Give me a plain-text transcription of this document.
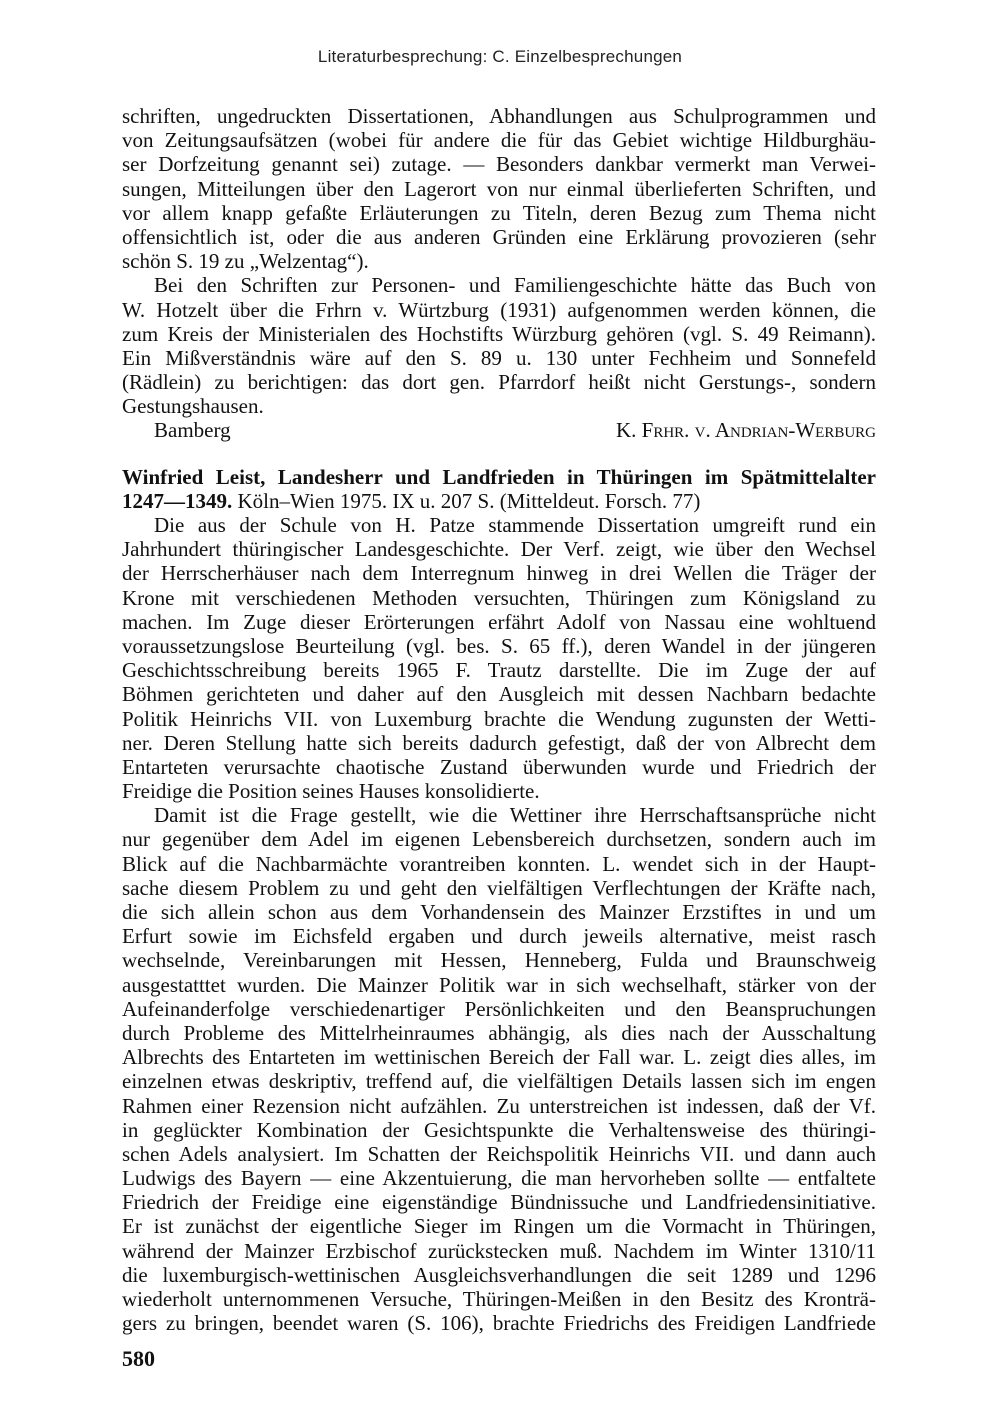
Literaturbesprechung: C. Einzelbesprechungen
schriften, ungedruckten Dissertationen, Abhandlungen aus Schulprogrammen und
von Zeitungsaufsätzen (wobei für andere die für das Gebiet wichtige Hildburghäu-
ser Dorfzeitung genannt sei) zutage. — Besonders dankbar vermerkt man Verwei-
sungen, Mitteilungen über den Lagerort von nur einmal überlieferten Schriften, und
vor allem knapp gefaßte Erläuterungen zu Titeln, deren Bezug zum Thema nicht
offensichtlich ist, oder die aus anderen Gründen eine Erklärung provozieren (sehr
schön S. 19 zu „Welzentag“).
Bei den Schriften zur Personen- und Familiengeschichte hätte das Buch von
W. Hotzelt über die Frhrn v. Würtzburg (1931) aufgenommen werden können, die
zum Kreis der Ministerialen des Hochstifts Würzburg gehören (vgl. S. 49 Reimann).
Ein Mißverständnis wäre auf den S. 89 u. 130 unter Fechheim und Sonnefeld
(Rädlein) zu berichtigen: das dort gen. Pfarrdorf heißt nicht Gerstungs-, sondern
Gestungshausen.
Bamberg	K. Frhr. v. Andrian-Werburg
Winfried Leist, Landesherr und Landfrieden in Thüringen im Spätmittelalter
1247—1349. Köln–Wien 1975. IX u. 207 S. (Mitteldeut. Forsch. 77)
Die aus der Schule von H. Patze stammende Dissertation umgreift rund ein
Jahrhundert thüringischer Landesgeschichte. Der Verf. zeigt, wie über den Wechsel
der Herrscherhäuser nach dem Interregnum hinweg in drei Wellen die Träger der
Krone mit verschiedenen Methoden versuchten, Thüringen zum Königsland zu
machen. Im Zuge dieser Erörterungen erfährt Adolf von Nassau eine wohltuend
voraussetzungslose Beurteilung (vgl. bes. S. 65 ff.), deren Wandel in der jüngeren
Geschichtsschreibung bereits 1965 F. Trautz darstellte. Die im Zuge der auf
Böhmen gerichteten und daher auf den Ausgleich mit dessen Nachbarn bedachte
Politik Heinrichs VII. von Luxemburg brachte die Wendung zugunsten der Wetti-
ner. Deren Stellung hatte sich bereits dadurch gefestigt, daß der von Albrecht dem
Entarteten verursachte chaotische Zustand überwunden wurde und Friedrich der
Freidige die Position seines Hauses konsolidierte.
Damit ist die Frage gestellt, wie die Wettiner ihre Herrschaftsansprüche nicht
nur gegenüber dem Adel im eigenen Lebensbereich durchsetzen, sondern auch im
Blick auf die Nachbarmächte vorantreiben konnten. L. wendet sich in der Haupt-
sache diesem Problem zu und geht den vielfältigen Verflechtungen der Kräfte nach,
die sich allein schon aus dem Vorhandensein des Mainzer Erzstiftes in und um
Erfurt sowie im Eichsfeld ergaben und durch jeweils alternative, meist rasch
wechselnde, Vereinbarungen mit Hessen, Henneberg, Fulda und Braunschweig
ausgestatttet wurden. Die Mainzer Politik war in sich wechselhaft, stärker von der
Aufeinanderfolge verschiedenartiger Persönlichkeiten und den Beanspruchungen
durch Probleme des Mittelrheinraumes abhängig, als dies nach der Ausschaltung
Albrechts des Entarteten im wettinischen Bereich der Fall war. L. zeigt dies alles, im
einzelnen etwas deskriptiv, treffend auf, die vielfältigen Details lassen sich im engen
Rahmen einer Rezension nicht aufzählen. Zu unterstreichen ist indessen, daß der Vf.
in geglückter Kombination der Gesichtspunkte die Verhaltensweise des thüringi-
schen Adels analysiert. Im Schatten der Reichspolitik Heinrichs VII. und dann auch
Ludwigs des Bayern — eine Akzentuierung, die man hervorheben sollte — entfaltete
Friedrich der Freidige eine eigenständige Bündnissuche und Landfriedensinitiative.
Er ist zunächst der eigentliche Sieger im Ringen um die Vormacht in Thüringen,
während der Mainzer Erzbischof zurückstecken muß. Nachdem im Winter 1310/11
die luxemburgisch-wettinischen Ausgleichsverhandlungen die seit 1289 und 1296
wiederholt unternommenen Versuche, Thüringen-Meißen in den Besitz des Kronträ-
gers zu bringen, beendet waren (S. 106), brachte Friedrichs des Freidigen Landfriede
580
